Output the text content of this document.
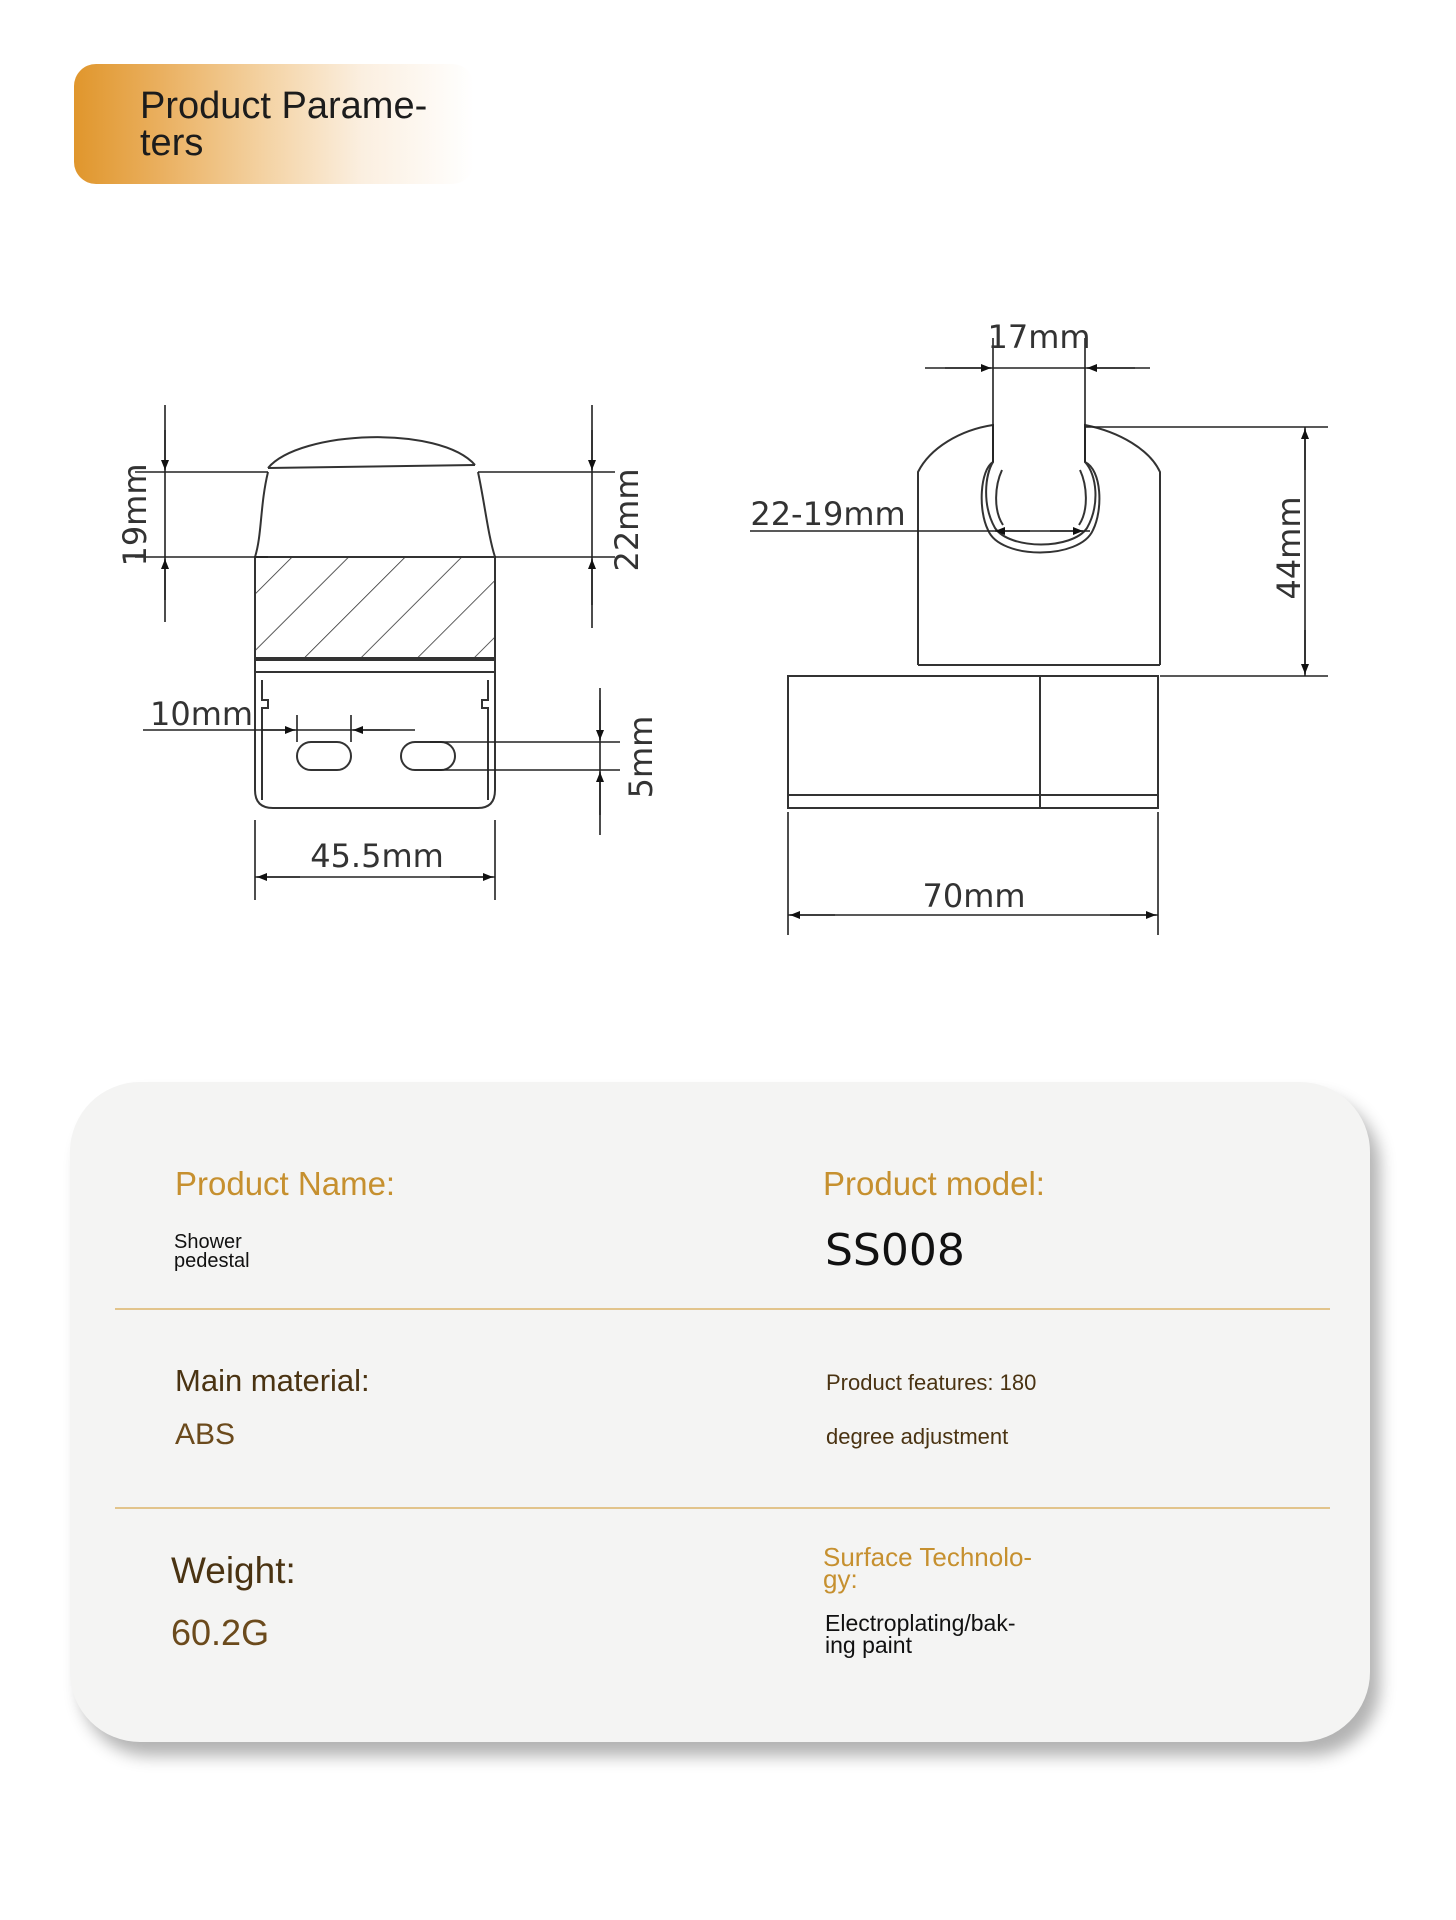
Product Parame-
ters
19mm	22mm
10mm
5mm
45.5mm
17mm
22-19mm	44mm
70mm
Product Name:
Shower
pedestal
Product model:
SS008
Main material:
ABS
Product features: 180
degree adjustment
Weight:
60.2G
Surface Technolo-
gy:
Electroplating/bak-
ing paint
